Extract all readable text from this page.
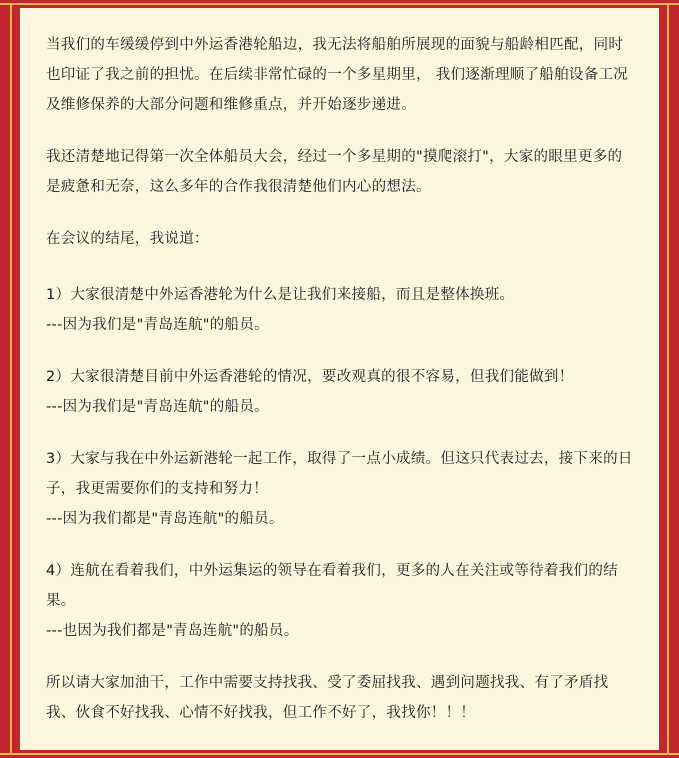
当我们的车缓缓停到中外运香港轮船边，我无法将船舶所展现的面貌与船龄相匹配，同时也印证了我之前的担忧。在后续非常忙碌的一个多星期里， 我们逐渐理顺了船舶设备工况及维修保养的大部分问题和维修重点，并开始逐步递进。

我还清楚地记得第一次全体船员大会，经过一个多星期的"摸爬滚打"，大家的眼里更多的是疲惫和无奈，这么多年的合作我很清楚他们内心的想法。

在会议的结尾，我说道：

1）大家很清楚中外运香港轮为什么是让我们来接船，而且是整体换班。

---因为我们是"青岛连航"的船员。

2）大家很清楚目前中外运香港轮的情况，要改观真的很不容易，但我们能做到！

---因为我们是"青岛连航"的船员。

3）大家与我在中外运新港轮一起工作，取得了一点小成绩。但这只代表过去，接下来的日子，我更需要你们的支持和努力！

---因为我们都是"青岛连航"的船员。

4）连航在看着我们，中外运集运的领导在看着我们，更多的人在关注或等待着我们的结果。

---也因为我们都是"青岛连航"的船员。

所以请大家加油干，工作中需要支持找我、受了委屈找我、遇到问题找我、有了矛盾找我、伙食不好找我、心情不好找我，但工作不好了，我找你！！！
